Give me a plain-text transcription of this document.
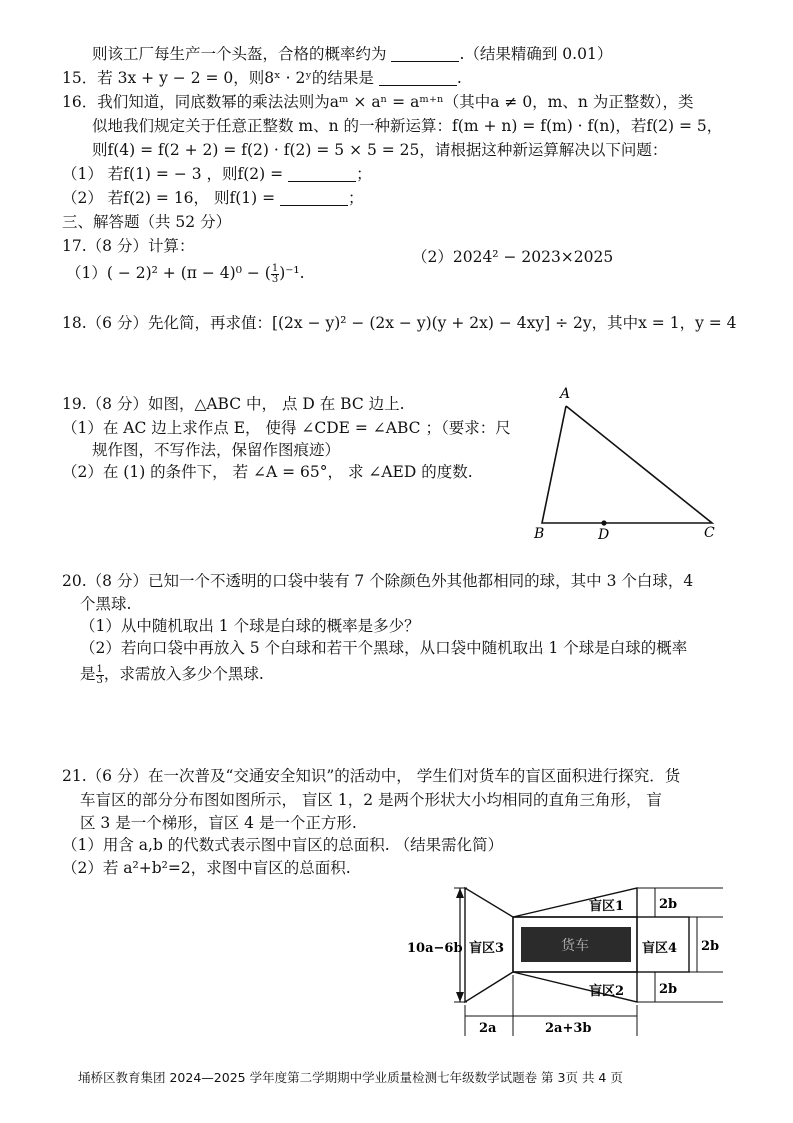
则该工厂每生产一个头盔，合格的概率约为	.（结果精确到 0.01）
15．若 3x + y − 2 = 0，则8ˣ · 2ʸ的结果是	.
16．我们知道，同底数幂的乘法法则为aᵐ × aⁿ = aᵐ⁺ⁿ（其中a ≠ 0，m、n 为正整数），类
似地我们规定关于任意正整数 m、n 的一种新运算：f(m + n) = f(m) · f(n)，若f(2) = 5，
则f(4) = f(2 + 2) = f(2) · f(2) = 5 × 5 = 25，请根据这种新运算解决以下问题：
（1） 若f(1) = − 3 ，则f(2) =	；
（2） 若f(2) = 16， 则f(1) =	；
三、解答题（共 52 分）
17.（8 分）计算：
（1）( − 2)² + (π − 4)⁰ − ( $\frac{1}{3} )^{-1}$.
（2）2024² − 2023×2025
18.（6 分）先化简，再求值：[(2x − y)² − (2x − y)(y + 2x) − 4xy] ÷ 2y，其中x = 1，y = 4
19.（8 分）如图，△ABC 中， 点 D 在 BC 边上.
（1）在 AC 边上求作点 E， 使得 ∠CDE = ∠ABC ；（要求：尺
规作图，不写作法，保留作图痕迹）
（2）在 (1) 的条件下， 若 ∠A = 65°， 求 ∠AED 的度数.
A
B	D	C
20.（8 分）已知一个不透明的口袋中装有 7 个除颜色外其他都相同的球，其中 3 个白球，4
个黑球.
（1）从中随机取出 1 个球是白球的概率是多少？
（2）若向口袋中再放入 5 个白球和若干个黑球，从口袋中随机取出 1 个球是白球的概率
是 $\frac{1}{3}$ ，求需放入多少个黑球.
21.（6 分）在一次普及“交通安全知识”的活动中， 学生们对货车的盲区面积进行探究．货
车盲区的部分分布图如图所示， 盲区 1，2 是两个形状大小均相同的直角三角形， 盲
区 3 是一个梯形，盲区 4 是一个正方形.
（1）用含 a,b 的代数式表示图中盲区的总面积. （结果需化简）
（2）若 a²+b²=2，求图中盲区的总面积.
10a−6b 盲区3
盲区1
盲区2
货车	盲区4
2b
2b
2b
2a	2a+3b
埇桥区教育集团 2024—2025 学年度第二学期期中学业质量检测七年级数学试题卷 第 3页 共 4 页
